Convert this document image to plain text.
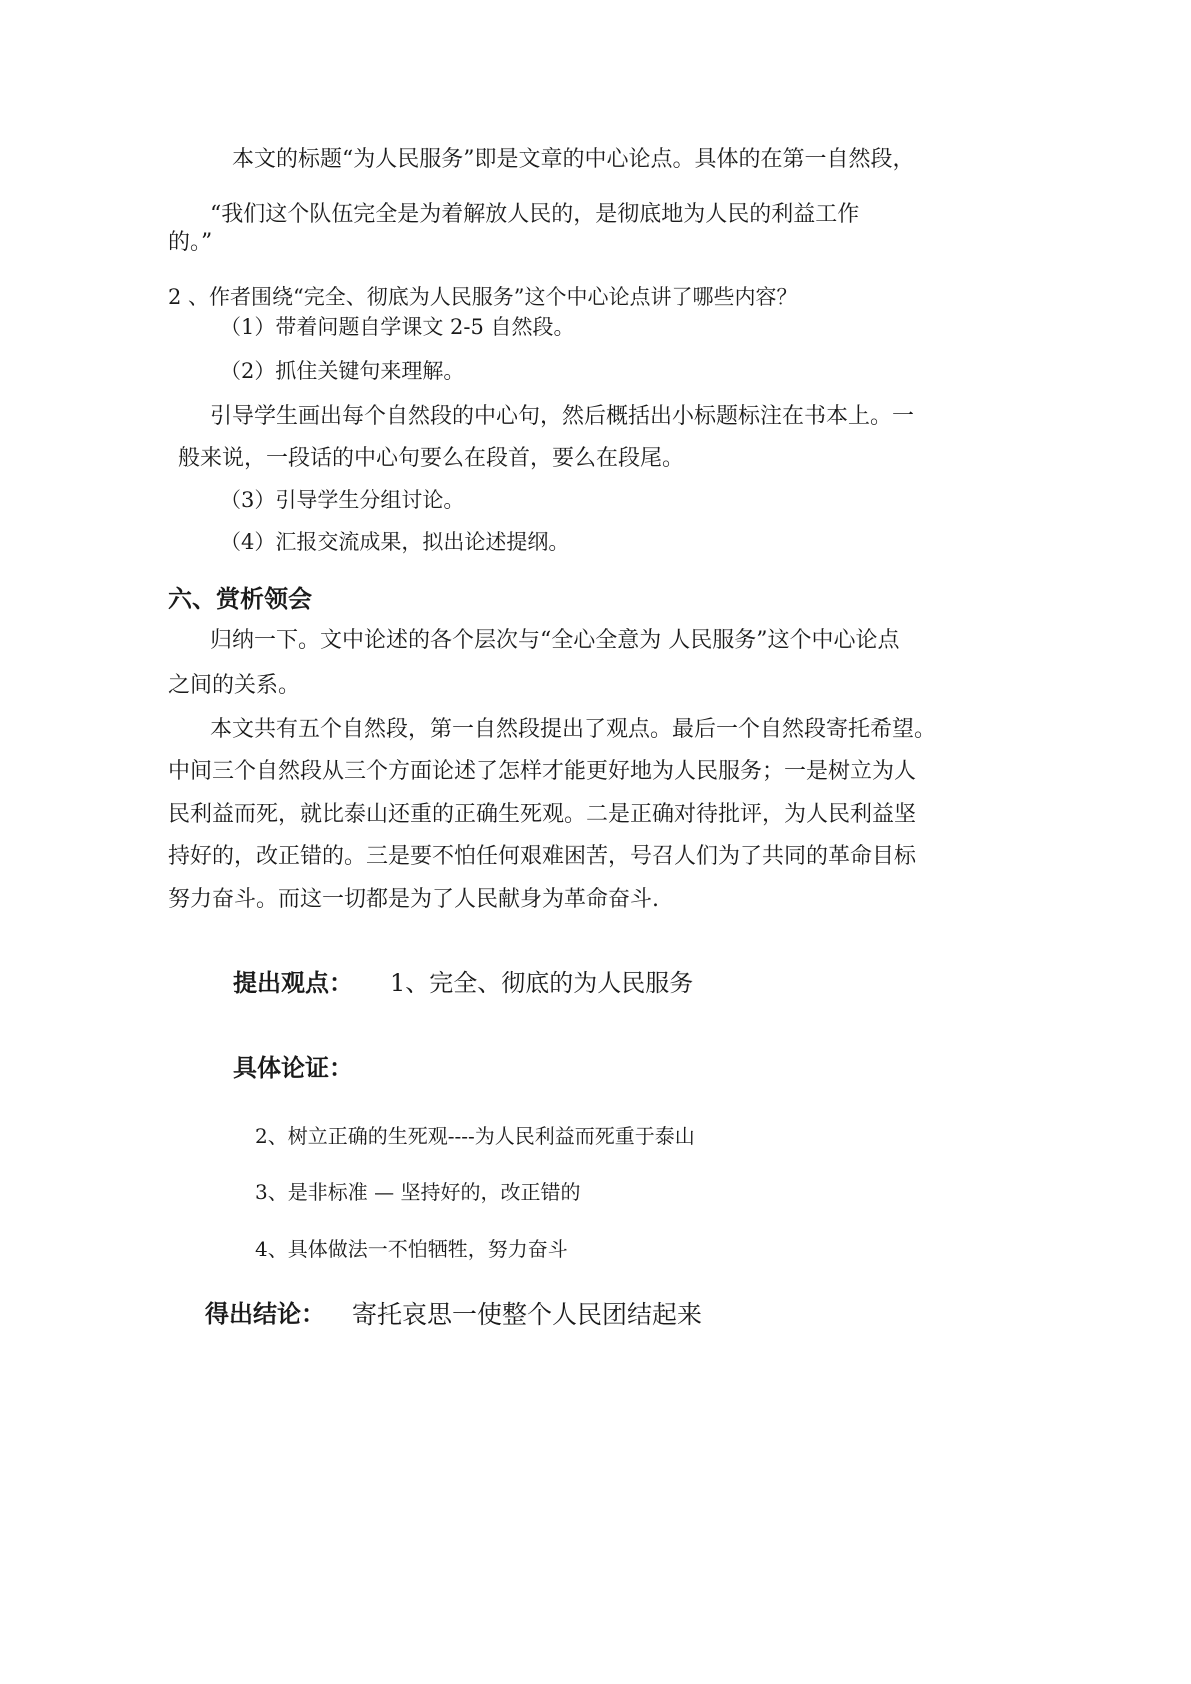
本文的标题“为人民服务”即是文章的中心论点。具体的在第一自然段，
“我们这个队伍完全是为着解放人民的，是彻底地为人民的利益工作
的。”
2 、作者围绕“完全、彻底为人民服务”这个中心论点讲了哪些内容？
（1）带着问题自学课文 2-5 自然段。
（2）抓住关键句来理解。
引导学生画出每个自然段的中心句，然后概括出小标题标注在书本上。一
般来说，一段话的中心句要么在段首，要么在段尾。
（3）引导学生分组讨论。
（4）汇报交流成果，拟出论述提纲。
六、赏析领会
归纳一下。文中论述的各个层次与“全心全意为 人民服务”这个中心论点
之间的关系。
本文共有五个自然段，第一自然段提出了观点。最后一个自然段寄托希望。
中间三个自然段从三个方面论述了怎样才能更好地为人民服务；一是树立为人
民利益而死，就比泰山还重的正确生死观。二是正确对待批评，为人民利益坚
持好的，改正错的。三是要不怕任何艰难困苦，号召人们为了共同的革命目标
努力奋斗。而这一切都是为了人民献身为革命奋斗.
提出观点： 1、完全、彻底的为人民服务
具体论证：
2、树立正确的生死观----为人民利益而死重于泰山
3、是非标准 — 坚持好的，改正错的
4、具体做法一不怕牺牲，努力奋斗
得出结论： 寄托哀思一使整个人民团结起来
